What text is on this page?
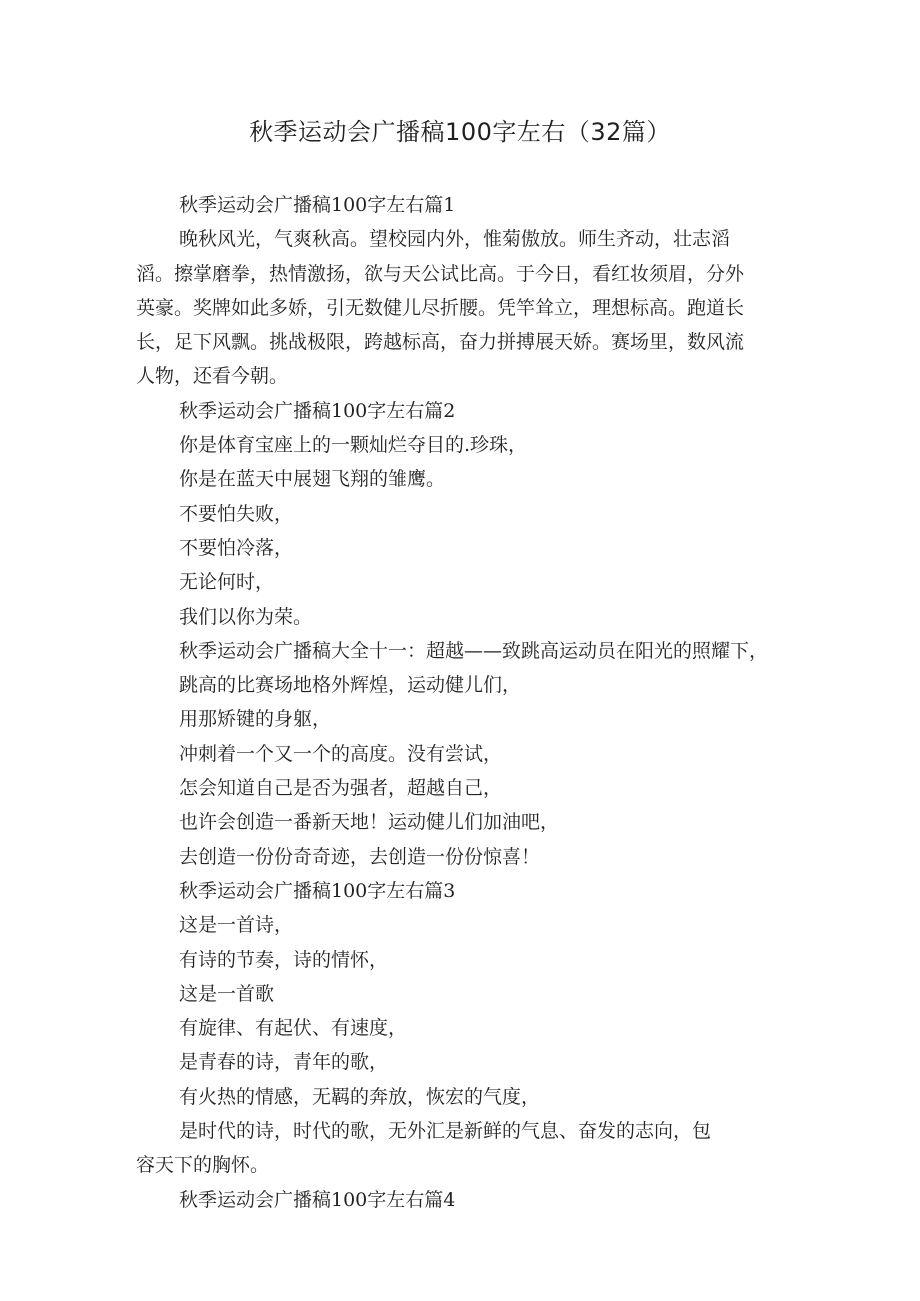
秋季运动会广播稿100字左右（32篇）
秋季运动会广播稿100字左右篇1
晚秋风光，气爽秋高。望校园内外，惟菊傲放。师生齐动，壮志滔
滔。擦掌磨拳，热情激扬，欲与天公试比高。于今日，看红妆须眉，分外
英豪。奖牌如此多娇，引无数健儿尽折腰。凭竿耸立，理想标高。跑道长
长，足下风飘。挑战极限，跨越标高，奋力拼搏展天娇。赛场里，数风流
人物，还看今朝。
秋季运动会广播稿100字左右篇2
你是体育宝座上的一颗灿烂夺目的.珍珠，
你是在蓝天中展翅飞翔的雏鹰。
不要怕失败，
不要怕冷落，
无论何时，
我们以你为荣。
秋季运动会广播稿大全十一：超越——致跳高运动员在阳光的照耀下，
跳高的比赛场地格外辉煌，运动健儿们，
用那矫键的身躯，
冲刺着一个又一个的高度。没有尝试，
怎会知道自己是否为强者，超越自己，
也许会创造一番新天地！运动健儿们加油吧，
去创造一份份奇奇迹，去创造一份份惊喜！
秋季运动会广播稿100字左右篇3
这是一首诗，
有诗的节奏，诗的情怀，
这是一首歌
有旋律、有起伏、有速度，
是青春的诗，青年的歌，
有火热的情感，无羁的奔放，恢宏的气度，
是时代的诗，时代的歌，无外汇是新鲜的气息、奋发的志向，包
容天下的胸怀。
秋季运动会广播稿100字左右篇4
